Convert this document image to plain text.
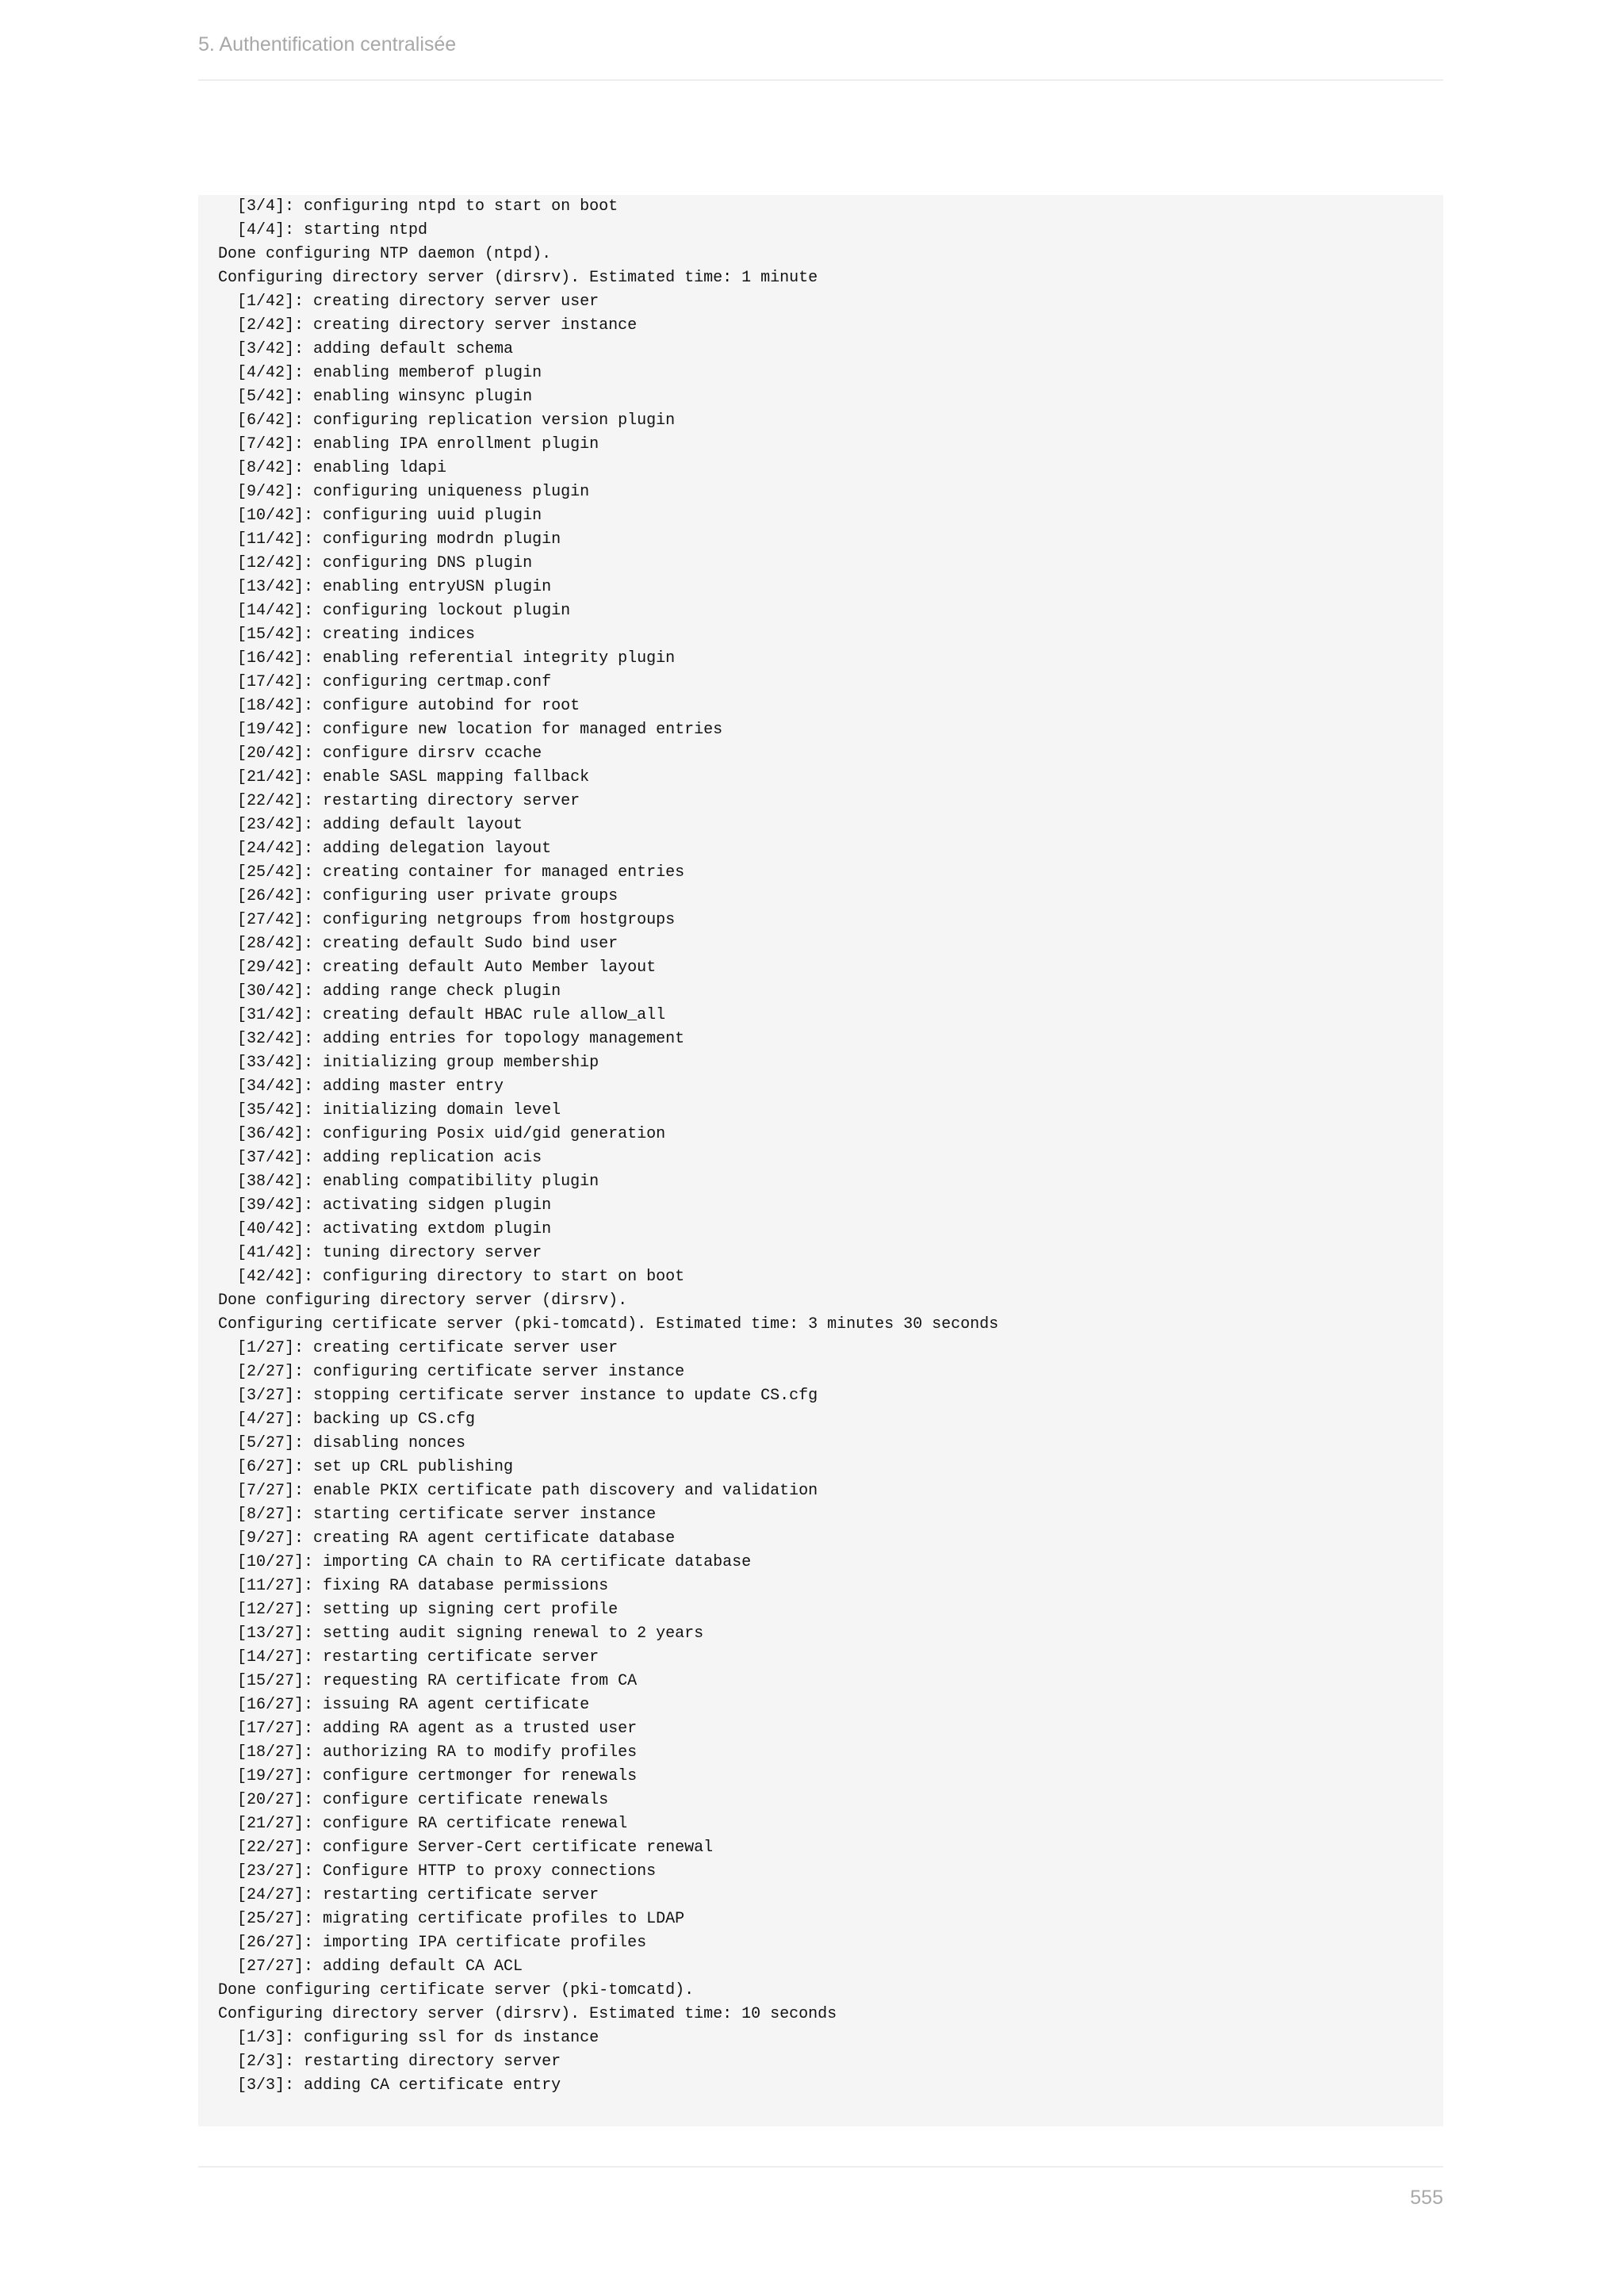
5. Authentification centralisée
[3/4]: configuring ntpd to start on boot
[4/4]: starting ntpd
Done configuring NTP daemon (ntpd).
Configuring directory server (dirsrv). Estimated time: 1 minute
[1/42]: creating directory server user
[2/42]: creating directory server instance
[3/42]: adding default schema
[4/42]: enabling memberof plugin
[5/42]: enabling winsync plugin
[6/42]: configuring replication version plugin
[7/42]: enabling IPA enrollment plugin
[8/42]: enabling ldapi
[9/42]: configuring uniqueness plugin
[10/42]: configuring uuid plugin
[11/42]: configuring modrdn plugin
[12/42]: configuring DNS plugin
[13/42]: enabling entryUSN plugin
[14/42]: configuring lockout plugin
[15/42]: creating indices
[16/42]: enabling referential integrity plugin
[17/42]: configuring certmap.conf
[18/42]: configure autobind for root
[19/42]: configure new location for managed entries
[20/42]: configure dirsrv ccache
[21/42]: enable SASL mapping fallback
[22/42]: restarting directory server
[23/42]: adding default layout
[24/42]: adding delegation layout
[25/42]: creating container for managed entries
[26/42]: configuring user private groups
[27/42]: configuring netgroups from hostgroups
[28/42]: creating default Sudo bind user
[29/42]: creating default Auto Member layout
[30/42]: adding range check plugin
[31/42]: creating default HBAC rule allow_all
[32/42]: adding entries for topology management
[33/42]: initializing group membership
[34/42]: adding master entry
[35/42]: initializing domain level
[36/42]: configuring Posix uid/gid generation
[37/42]: adding replication acis
[38/42]: enabling compatibility plugin
[39/42]: activating sidgen plugin
[40/42]: activating extdom plugin
[41/42]: tuning directory server
[42/42]: configuring directory to start on boot
Done configuring directory server (dirsrv).
Configuring certificate server (pki-tomcatd). Estimated time: 3 minutes 30 seconds
[1/27]: creating certificate server user
[2/27]: configuring certificate server instance
[3/27]: stopping certificate server instance to update CS.cfg
[4/27]: backing up CS.cfg
[5/27]: disabling nonces
[6/27]: set up CRL publishing
[7/27]: enable PKIX certificate path discovery and validation
[8/27]: starting certificate server instance
[9/27]: creating RA agent certificate database
[10/27]: importing CA chain to RA certificate database
[11/27]: fixing RA database permissions
[12/27]: setting up signing cert profile
[13/27]: setting audit signing renewal to 2 years
[14/27]: restarting certificate server
[15/27]: requesting RA certificate from CA
[16/27]: issuing RA agent certificate
[17/27]: adding RA agent as a trusted user
[18/27]: authorizing RA to modify profiles
[19/27]: configure certmonger for renewals
[20/27]: configure certificate renewals
[21/27]: configure RA certificate renewal
[22/27]: configure Server-Cert certificate renewal
[23/27]: Configure HTTP to proxy connections
[24/27]: restarting certificate server
[25/27]: migrating certificate profiles to LDAP
[26/27]: importing IPA certificate profiles
[27/27]: adding default CA ACL
Done configuring certificate server (pki-tomcatd).
Configuring directory server (dirsrv). Estimated time: 10 seconds
[1/3]: configuring ssl for ds instance
[2/3]: restarting directory server
[3/3]: adding CA certificate entry
555
